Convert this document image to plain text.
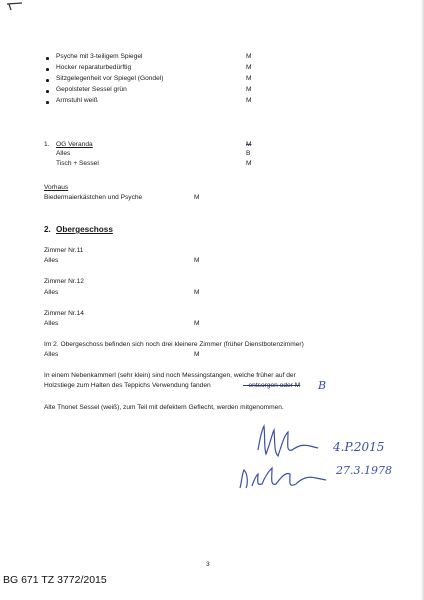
Psyche mit 3-teiligem Spiegel	M
Hocker reparaturbedürftig	M
Sitzgelegenheit vor Spiegel (Gondel)	M
Gepolsteter Sessel grün	M
Armstuhl weiß	M
1. OG Veranda	M
Alles	B
Tisch + Sessel	M
Vorhaus
Biedermaierkästchen und Psyche	M
2. Obergeschoss
Zimmer Nr.11
Alles	M
Zimmer Nr.12
Alles	M
Zimmer Nr.14
Alles	M
Im 2. Obergeschoss befinden sich noch drei kleinere Zimmer (früher Dienstbotenzimmer)
Alles	M
In einem Nebenkammerl (sehr klein) sind noch Messingstangen, welche früher auf der
Holzstiege zum Halten des Teppichs Verwendung fanden	– entsorgen oder M B
Alte Thonet Sessel (weiß), zum Teil mit defektem Geflecht, werden mitgenommen.
4.P.2015
27.3.1978
3
BG 671 TZ 3772/2015
